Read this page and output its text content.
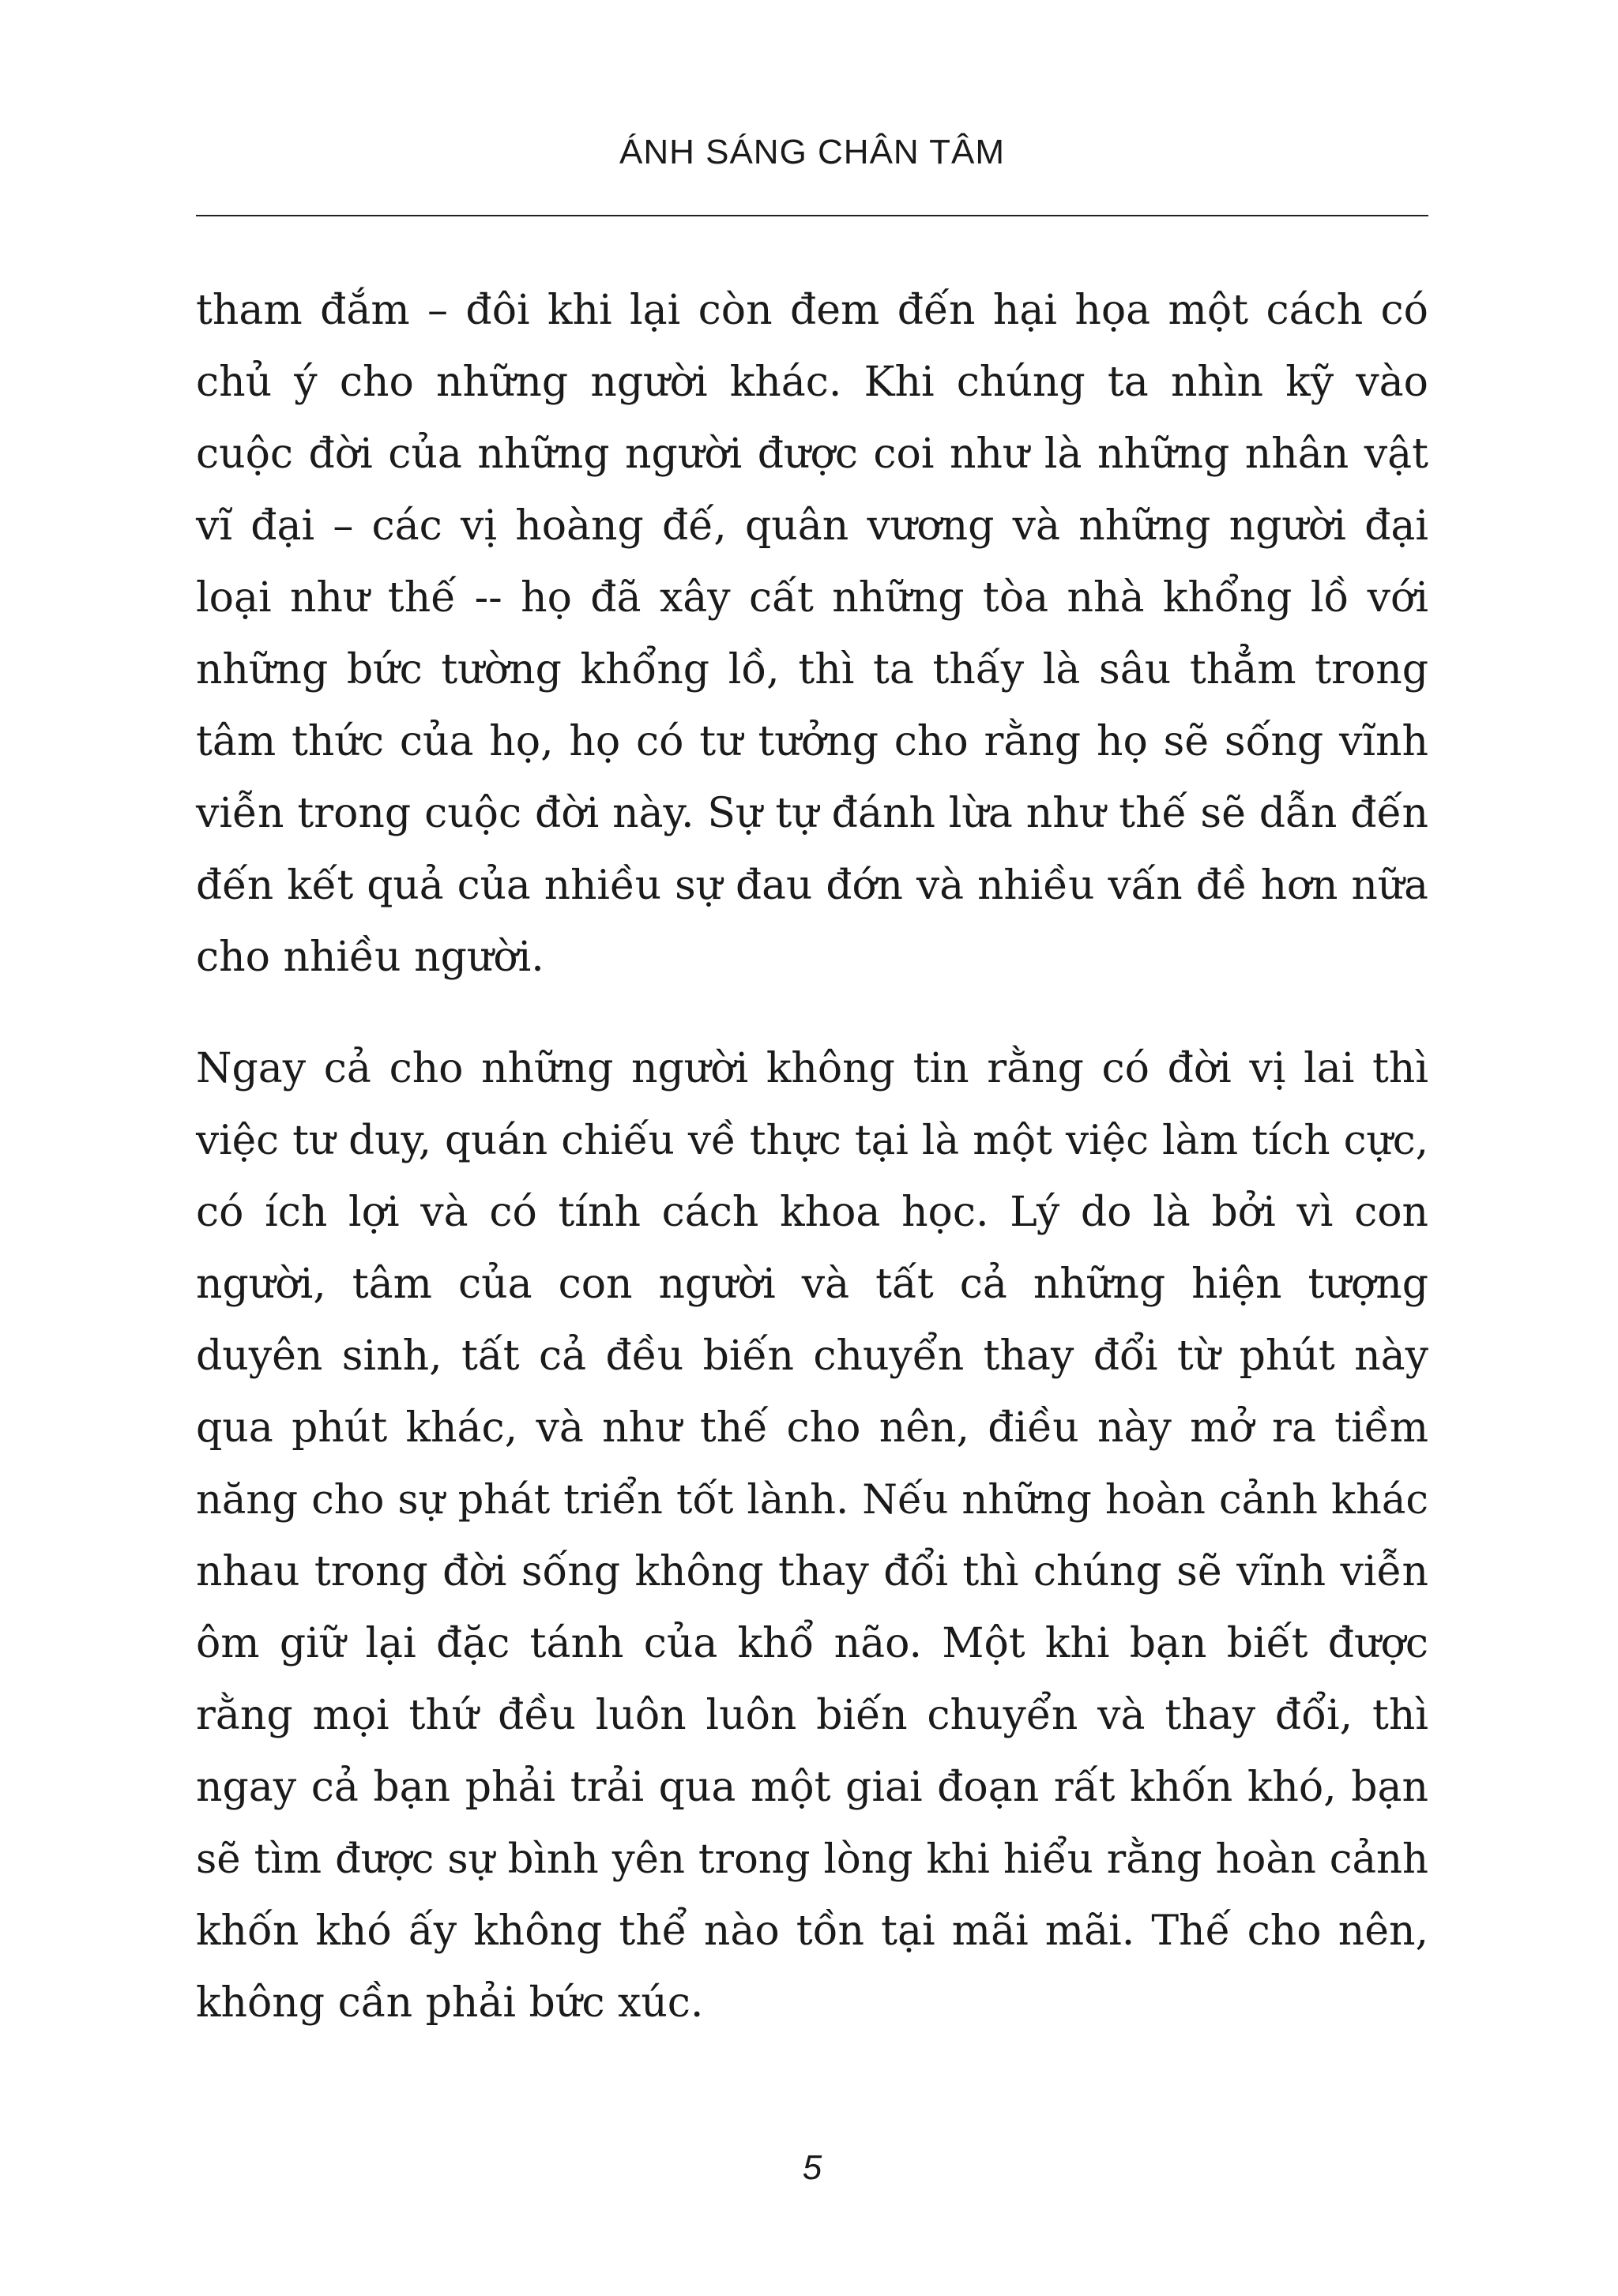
ÁNH SÁNG CHÂN TÂM
tham đắm – đôi khi lại còn đem đến hại họa một cách có
chủ ý cho những người khác. Khi chúng ta nhìn kỹ vào
cuộc đời của những người được coi như là những nhân vật
vĩ đại – các vị hoàng đế, quân vương và những người đại
loại như thế -- họ đã xây cất những tòa nhà khổng lồ với
những bức tường khổng lồ, thì ta thấy là sâu thẳm trong
tâm thức của họ, họ có tư tưởng cho rằng họ sẽ sống vĩnh
viễn trong cuộc đời này. Sự tự đánh lừa như thế sẽ dẫn đến
đến kết quả của nhiều sự đau đớn và nhiều vấn đề hơn nữa
cho nhiều người.
Ngay cả cho những người không tin rằng có đời vị lai thì
việc tư duy, quán chiếu về thực tại là một việc làm tích cực,
có ích lợi và có tính cách khoa học. Lý do là bởi vì con
người, tâm của con người và tất cả những hiện tượng
duyên sinh, tất cả đều biến chuyển thay đổi từ phút này
qua phút khác, và như thế cho nên, điều này mở ra tiềm
năng cho sự phát triển tốt lành. Nếu những hoàn cảnh khác
nhau trong đời sống không thay đổi thì chúng sẽ vĩnh viễn
ôm giữ lại đặc tánh của khổ não. Một khi bạn biết được
rằng mọi thứ đều luôn luôn biến chuyển và thay đổi, thì
ngay cả bạn phải trải qua một giai đoạn rất khốn khó, bạn
sẽ tìm được sự bình yên trong lòng khi hiểu rằng hoàn cảnh
khốn khó ấy không thể nào tồn tại mãi mãi. Thế cho nên,
không cần phải bức xúc.
5
